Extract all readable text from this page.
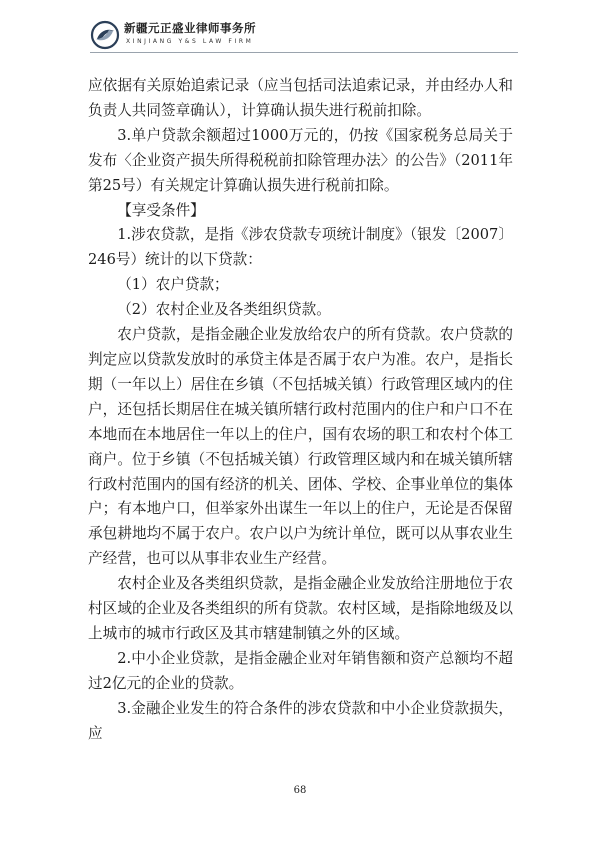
新疆元正盛业律师事务所
XINJIANG Y&S LAW FIRM

应依据有关原始追索记录（应当包括司法追索记录，并由经办人和负责人共同签章确认），计算确认损失进行税前扣除。

3.单户贷款余额超过1000万元的，仍按《国家税务总局关于发布〈企业资产损失所得税税前扣除管理办法〉的公告》（2011年第25号）有关规定计算确认损失进行税前扣除。

【享受条件】

1.涉农贷款，是指《涉农贷款专项统计制度》（银发〔2007〕246号）统计的以下贷款：

（1）农户贷款；

（2）农村企业及各类组织贷款。

农户贷款，是指金融企业发放给农户的所有贷款。农户贷款的判定应以贷款发放时的承贷主体是否属于农户为准。农户，是指长期（一年以上）居住在乡镇（不包括城关镇）行政管理区域内的住户，还包括长期居住在城关镇所辖行政村范围内的住户和户口不在本地而在本地居住一年以上的住户，国有农场的职工和农村个体工商户。位于乡镇（不包括城关镇）行政管理区域内和在城关镇所辖行政村范围内的国有经济的机关、团体、学校、企事业单位的集体户；有本地户口，但举家外出谋生一年以上的住户，无论是否保留承包耕地均不属于农户。农户以户为统计单位，既可以从事农业生产经营，也可以从事非农业生产经营。

农村企业及各类组织贷款，是指金融企业发放给注册地位于农村区域的企业及各类组织的所有贷款。农村区域，是指除地级及以上城市的城市行政区及其市辖建制镇之外的区域。

2.中小企业贷款，是指金融企业对年销售额和资产总额均不超过2亿元的企业的贷款。

3.金融企业发生的符合条件的涉农贷款和中小企业贷款损失，应

68
